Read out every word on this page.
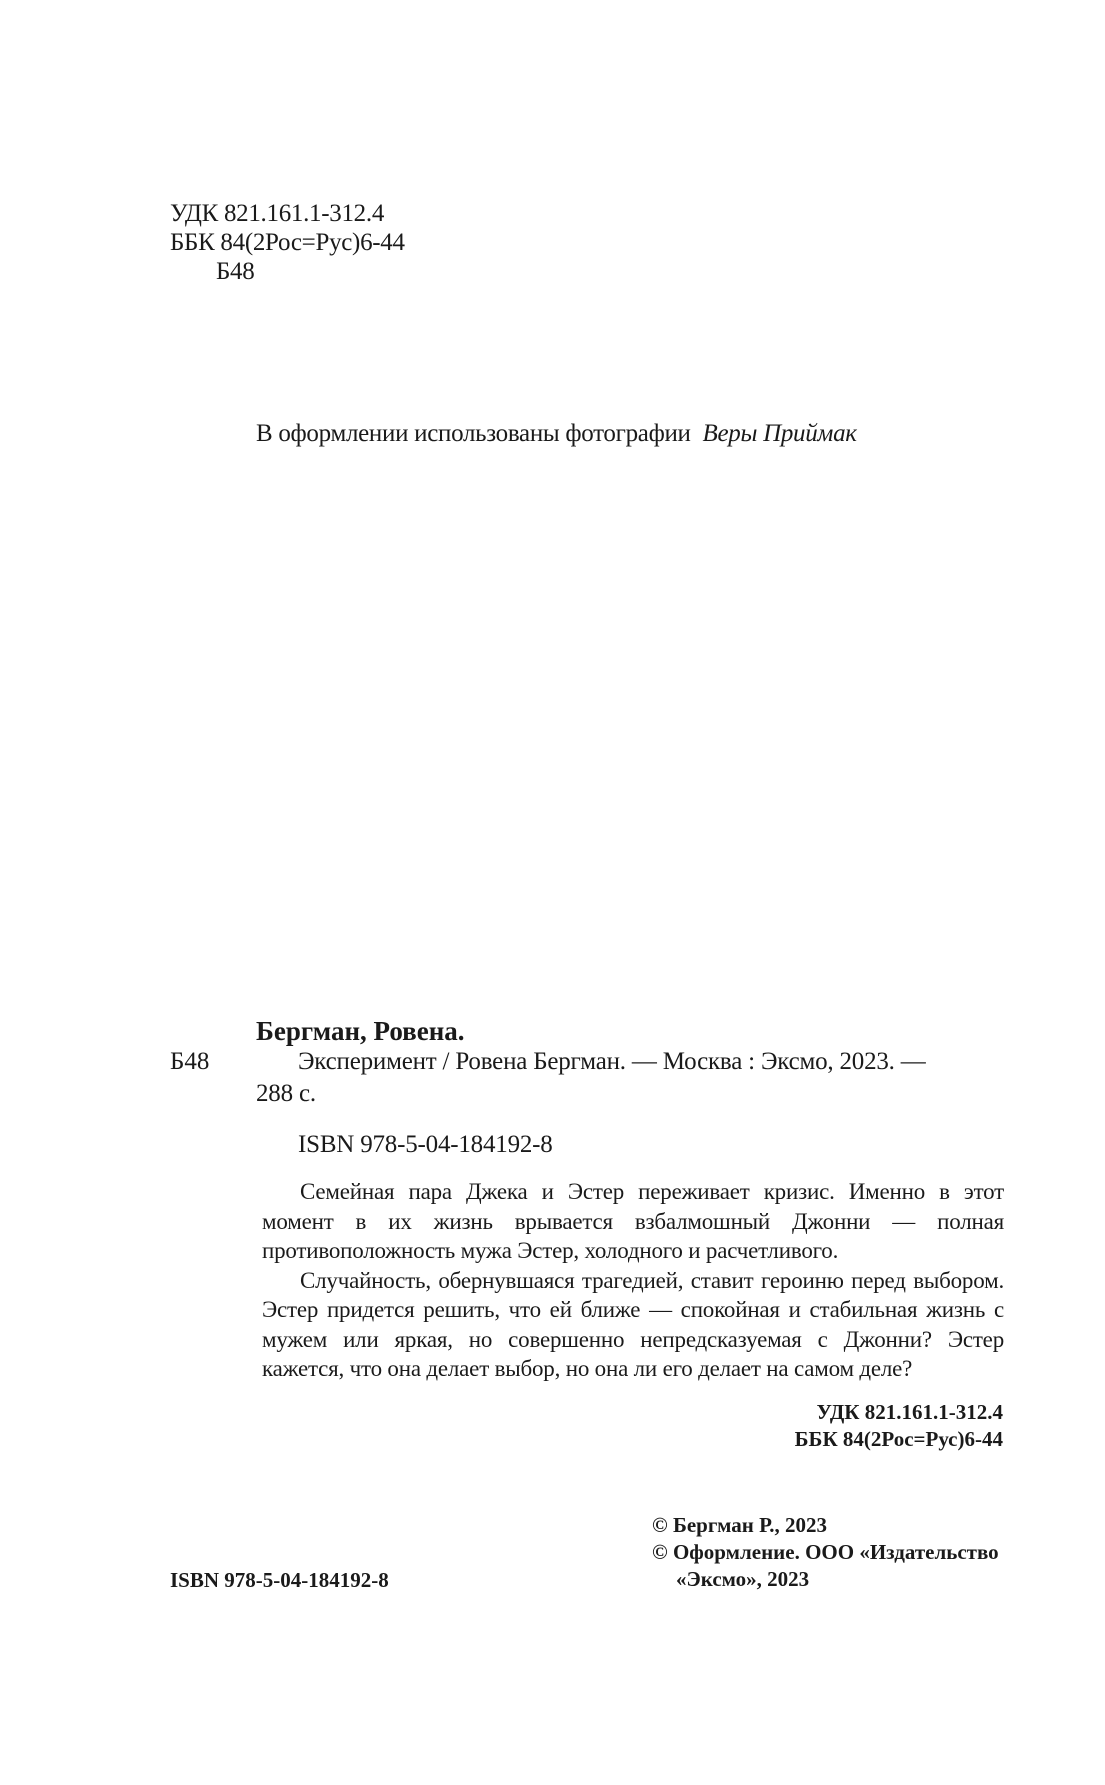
УДК 821.161.1-312.4
ББК 84(2Рос=Рус)6-44
Б48
В оформлении использованы фотографии Веры Приймак
Бергман, Ровена.
Б48	Эксперимент / Ровена Бергман. — Москва : Эксмо, 2023. —
288 с.
ISBN 978-5-04-184192-8

Семейная пара Джека и Эстер переживает кризис. Именно в этот момент в их жизнь врывается взбалмошный Джонни — полная противоположность мужа Эстер, холодного и расчетливого.

Случайность, обернувшаяся трагедией, ставит героиню перед выбором. Эстер придется решить, что ей ближе — спокойная и стабильная жизнь с мужем или яркая, но совершенно непредсказуемая с Джонни? Эстер кажется, что она делает выбор, но она ли его делает на самом деле?

УДК 821.161.1-312.4
ББК 84(2Рос=Рус)6-44
ISBN 978-5-04-184192-8
© Бергман Р., 2023
© Оформление. ООО «Издательство
«Эксмо», 2023
